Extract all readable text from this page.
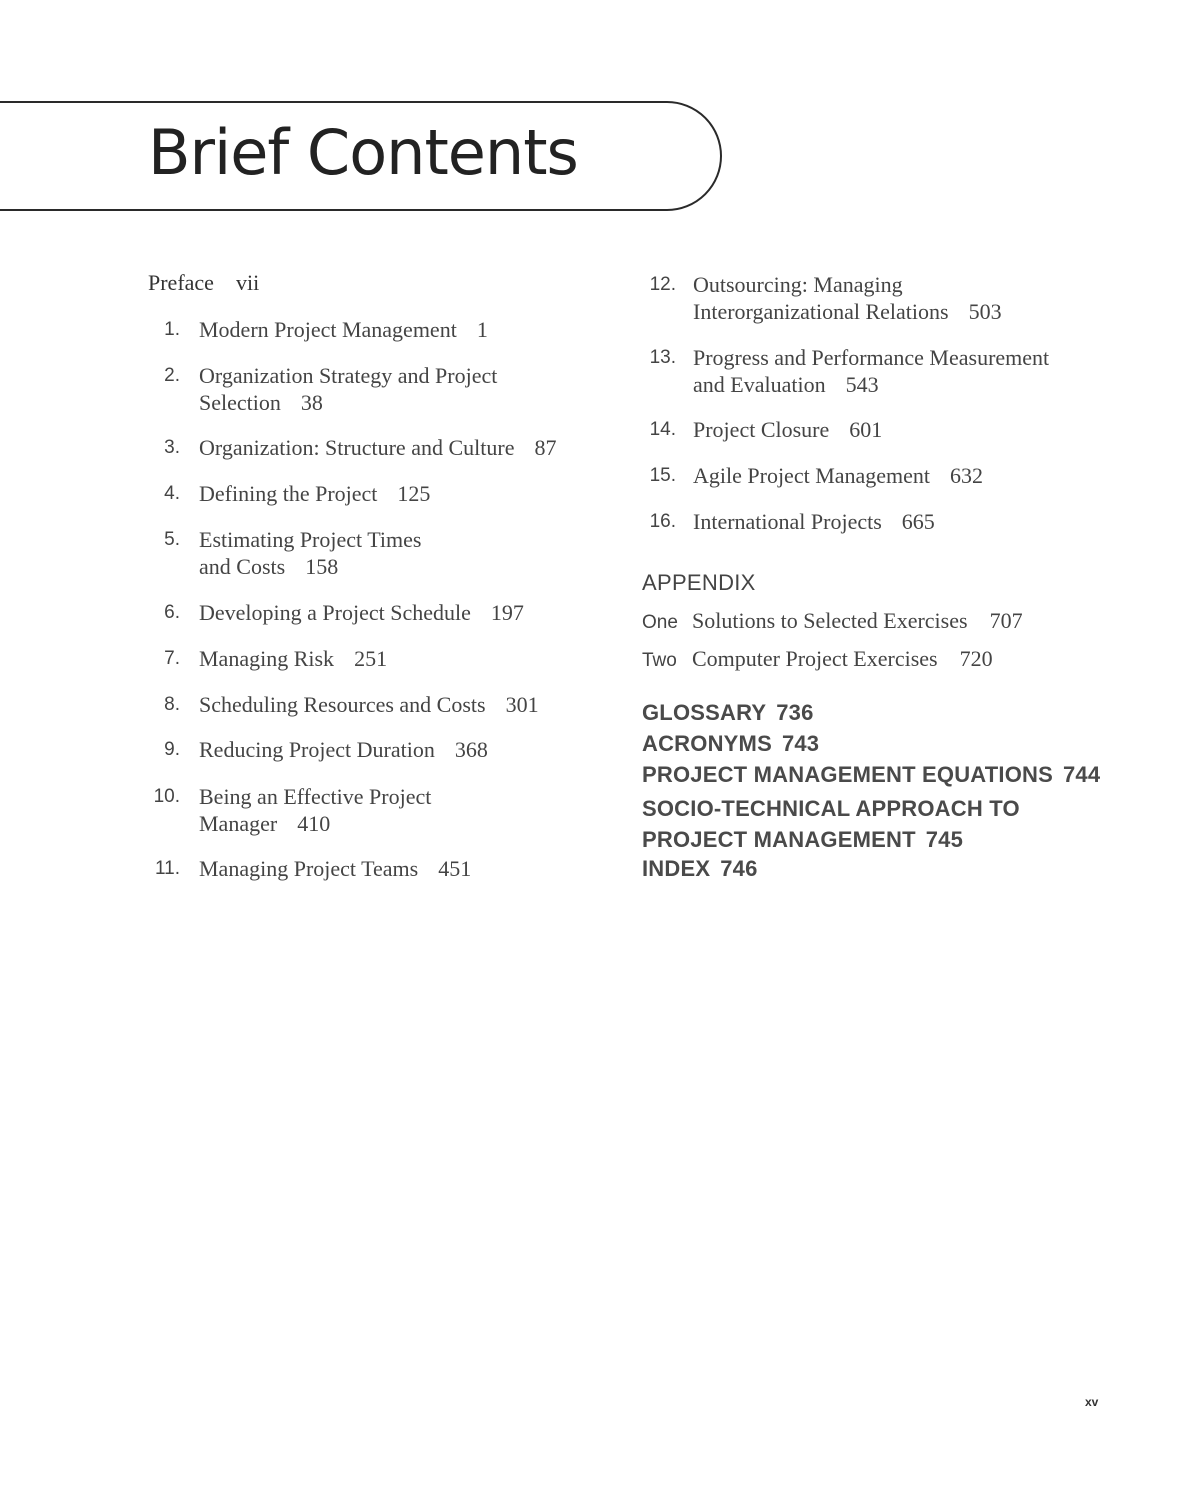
Brief Contents
Preface vii
1. Modern Project Management 1
2. Organization Strategy and Project
Selection 38
3. Organization: Structure and Culture 87
4. Defining the Project 125
5. Estimating Project Times
and Costs 158
6. Developing a Project Schedule 197
7. Managing Risk 251
8. Scheduling Resources and Costs 301
9. Reducing Project Duration 368
10. Being an Effective Project
Manager 410
11. Managing Project Teams 451
12. Outsourcing: Managing
Interorganizational Relations 503
13. Progress and Performance Measurement
and Evaluation 543
14. Project Closure 601
15. Agile Project Management 632
16. International Projects 665
APPENDIX
One Solutions to Selected Exercises 707
Two Computer Project Exercises 720
GLOSSARY 736
ACRONYMS 743
PROJECT MANAGEMENT EQUATIONS 744
SOCIO-TECHNICAL APPROACH TO
PROJECT MANAGEMENT 745
INDEX 746
xv
